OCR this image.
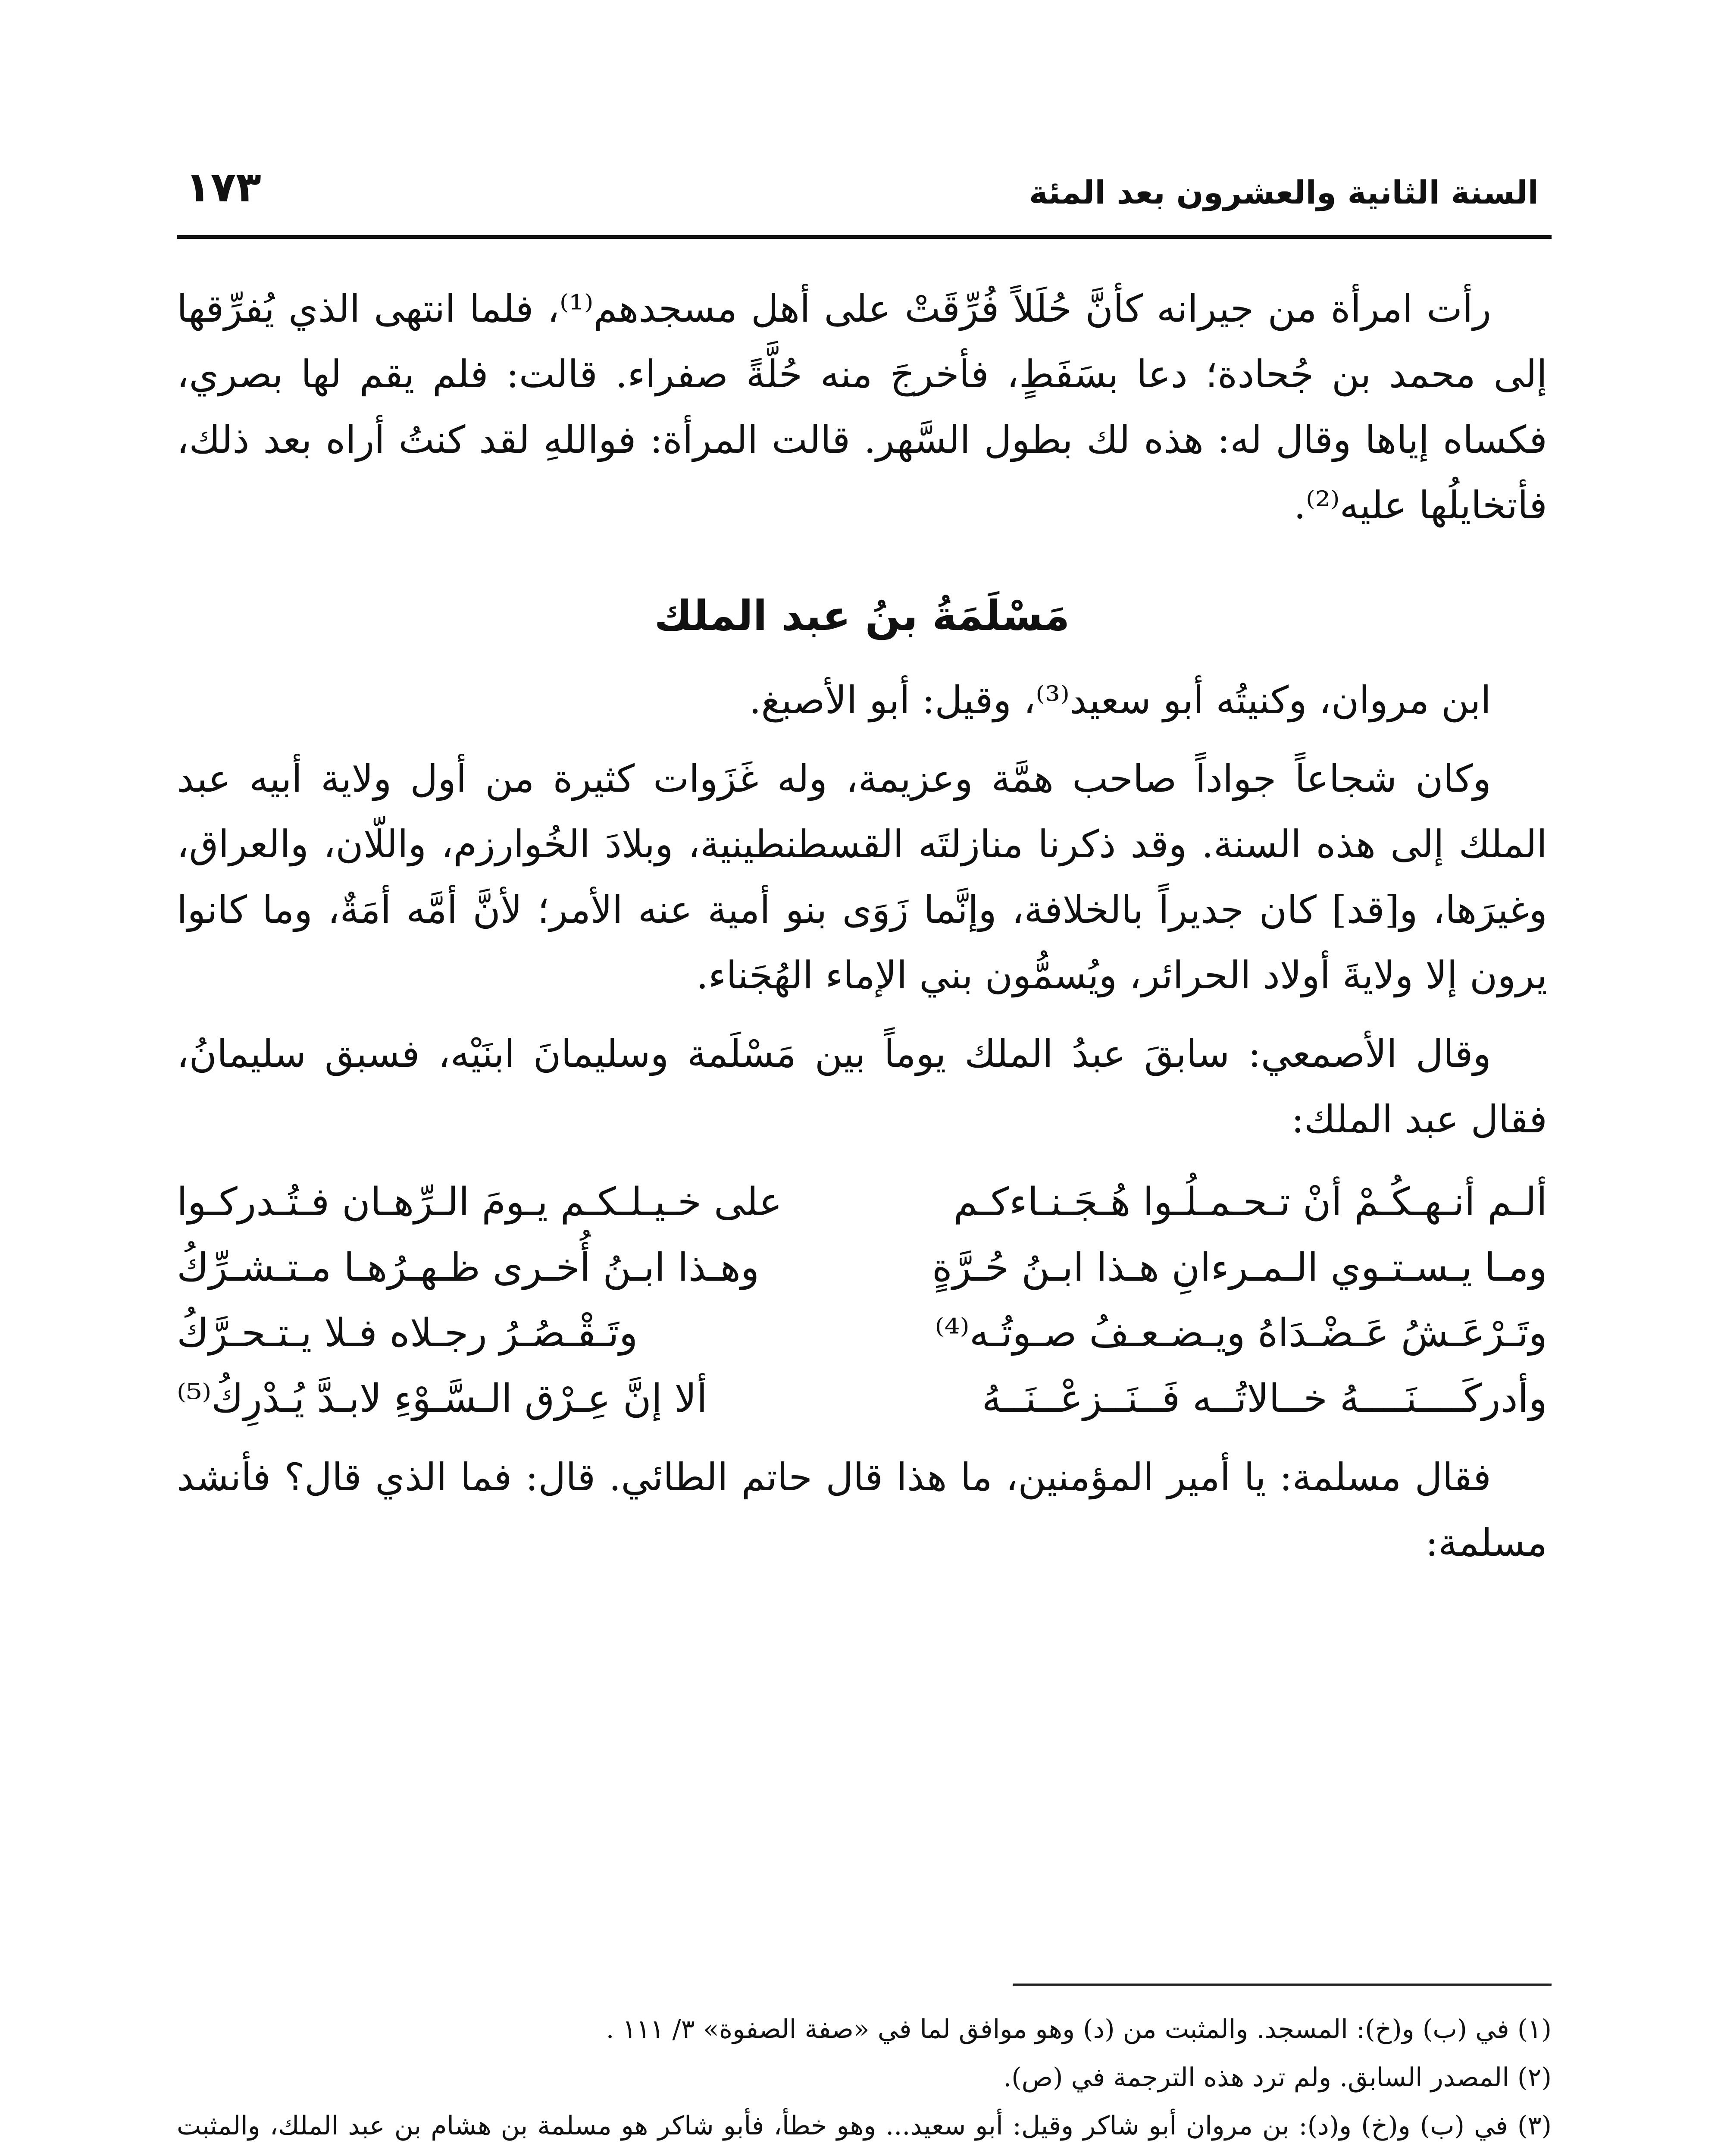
السنة الثانية والعشرون بعد المئة
١٧٣

رأت امرأة من جيرانه كأنَّ حُلَلاً فُرِّقَتْ على أهل مسجدهم⁽¹⁾، فلما انتهى الذي يُفرِّقها إلى محمد بن جُحادة؛ دعا بسَفَطٍ، فأخرجَ منه حُلَّةً صفراء. قالت: فلم يقم لها بصري، فكساه إياها وقال له: هذه لك بطول السَّهر. قالت المرأة: فواللهِ لقد كنتُ أراه بعد ذلك، فأتخايلُها عليه⁽²⁾.

مَسْلَمَةُ بنُ عبد الملك

ابن مروان، وكنيتُه أبو سعيد⁽³⁾، وقيل: أبو الأصبغ.

وكان شجاعاً جواداً صاحب همَّة وعزيمة، وله غَزَوات كثيرة من أول ولاية أبيه عبد الملك إلى هذه السنة. وقد ذكرنا منازلتَه القسطنطينية، وبلادَ الخُوارزم، واللّان، والعراق، وغيرَها، و[قد] كان جديراً بالخلافة، وإنَّما زَوَى بنو أمية عنه الأمر؛ لأنَّ أمَّه أمَةٌ، وما كانوا يرون إلا ولايةَ أولاد الحرائر، ويُسمُّون بني الإماء الهُجَناء.

وقال الأصمعي: سابقَ عبدُ الملك يوماً بين مَسْلَمة وسليمانَ ابنَيْه، فسبق سليمانُ، فقال عبد الملك:

ألـم أنـهـكُـمْ أنْ تـحـمـلُـوا هُـجَـنـاءكـم
على خـيـلـكـم يـومَ الـرِّهـان فـتُـدركـوا
ومـا يـسـتـوي الـمـرءانِ هـذا ابـنُ حُـرَّةٍ
وهـذا ابـنُ أُخـرى ظـهـرُهـا مـتـشـرِّكُ
وتَـرْعَـشُ عَـضْـدَاهُ ويـضـعـفُ صـوتُـه⁽⁴⁾
وتَـقْـصُـرُ رجـلاه فـلا يـتـحـرَّكُ
وأدركَــــنَــــهُ خــالاتُــه فَــنَــزعْــنَــهُ
ألا إنَّ عِـرْق الـسَّـوْءِ لابـدَّ يُـدْرِكُ⁽⁵⁾

فقال مسلمة: يا أمير المؤمنين، ما هذا قال حاتم الطائي. قال: فما الذي قال؟ فأنشد مسلمة:

(١) في (ب) و(خ): المسجد. والمثبت من (د) وهو موافق لما في «صفة الصفوة» ٣/ ١١١ .

(٢) المصدر السابق. ولم ترد هذه الترجمة في (ص).

(٣) في (ب) و(خ) و(د): بن مروان أبو شاكر وقيل: أبو سعيد... وهو خطأ، فأبو شاكر هو مسلمة بن هشام بن عبد الملك، والمثبت
